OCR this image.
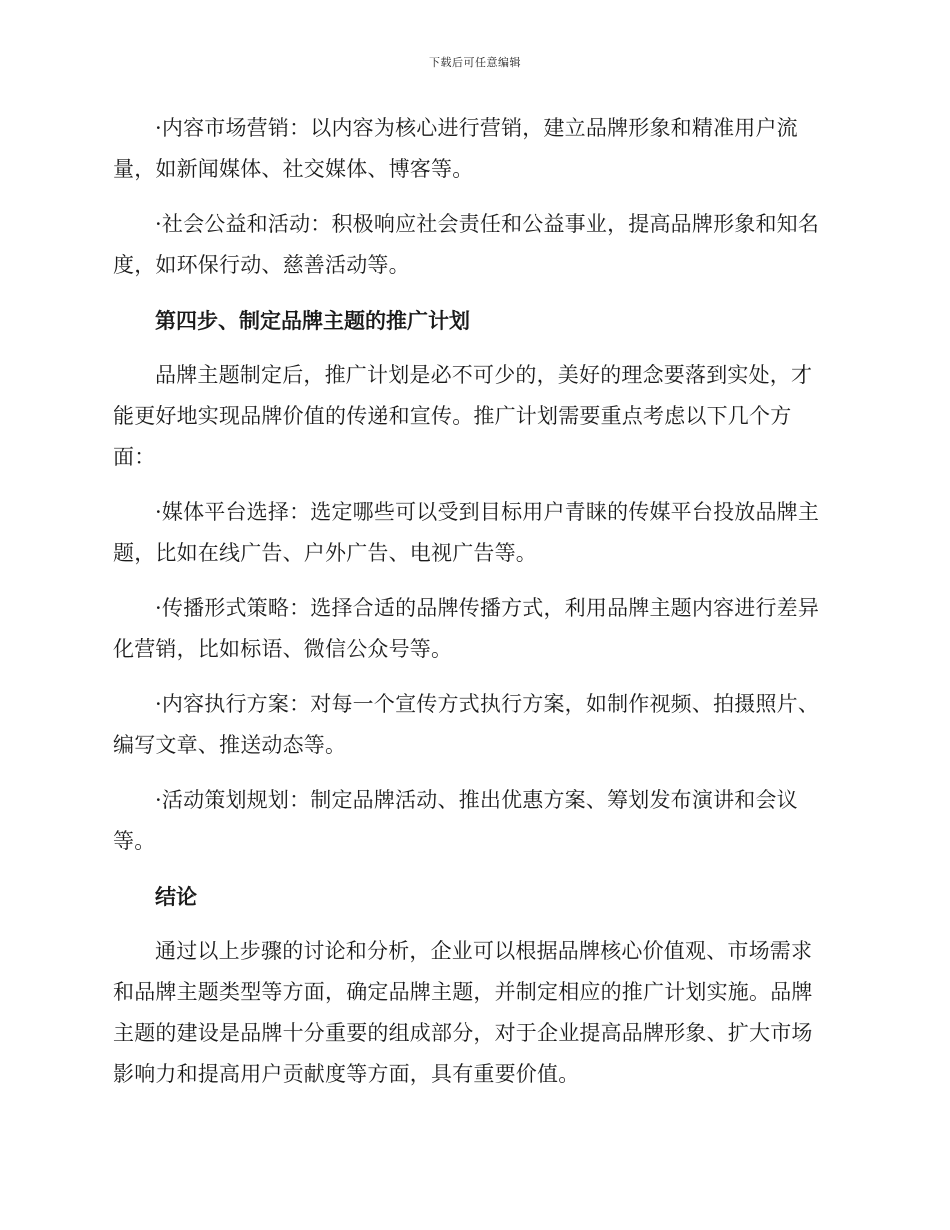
下载后可任意编辑

·内容市场营销：以内容为核心进行营销，建立品牌形象和精准用户流量，如新闻媒体、社交媒体、博客等。

·社会公益和活动：积极响应社会责任和公益事业，提高品牌形象和知名度，如环保行动、慈善活动等。

第四步、制定品牌主题的推广计划

品牌主题制定后，推广计划是必不可少的，美好的理念要落到实处，才能更好地实现品牌价值的传递和宣传。推广计划需要重点考虑以下几个方面：

·媒体平台选择：选定哪些可以受到目标用户青睐的传媒平台投放品牌主题，比如在线广告、户外广告、电视广告等。

·传播形式策略：选择合适的品牌传播方式，利用品牌主题内容进行差异化营销，比如标语、微信公众号等。

·内容执行方案：对每一个宣传方式执行方案，如制作视频、拍摄照片、编写文章、推送动态等。

·活动策划规划：制定品牌活动、推出优惠方案、筹划发布演讲和会议等。

结论

通过以上步骤的讨论和分析，企业可以根据品牌核心价值观、市场需求和品牌主题类型等方面，确定品牌主题，并制定相应的推广计划实施。品牌主题的建设是品牌十分重要的组成部分，对于企业提高品牌形象、扩大市场影响力和提高用户贡献度等方面，具有重要价值。
